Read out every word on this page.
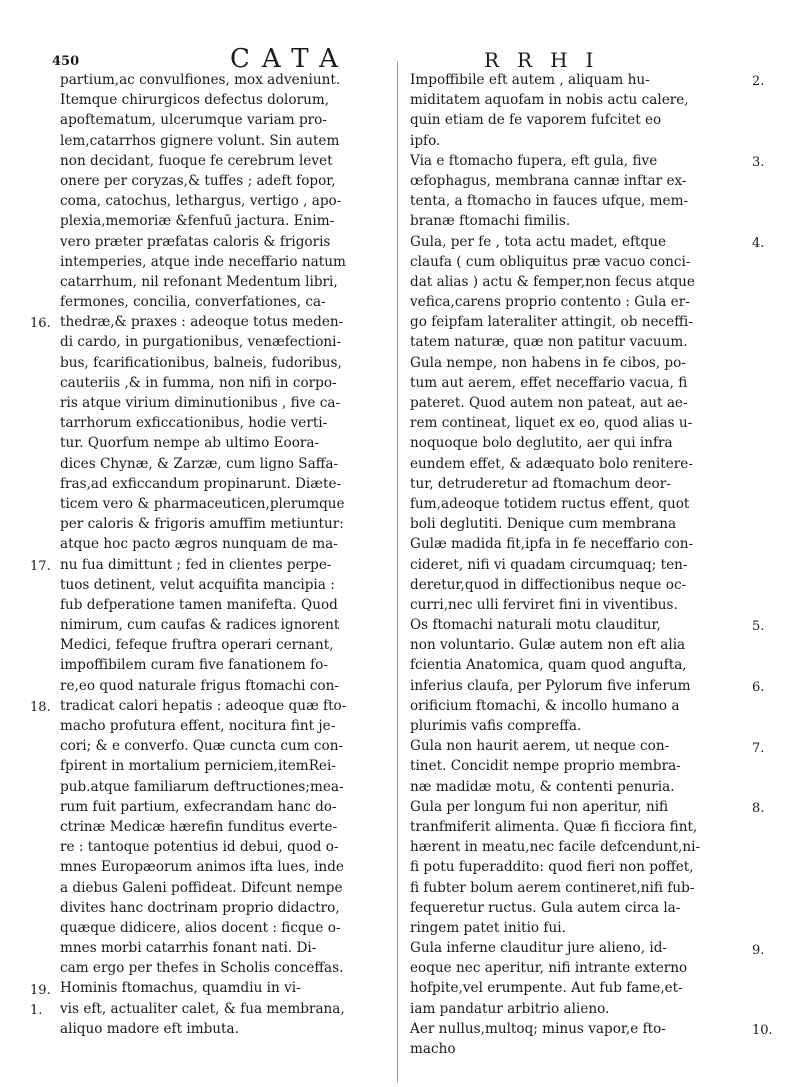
450	CATA	RRHI
partium,ac convulfiones, mox adveniunt.
Itemque chirurgicos defectus dolorum,
apoftematum, ulcerumque variam pro-
lem,catarrhos gignere volunt. Sin autem
non decidant, fuoque fe cerebrum levet
onere per coryzas,& tuffes ; adeft fopor,
coma, catochus, lethargus, vertigo , apo-
plexia,memoriæ &fenfuū jactura. Enim-
vero præter præfatas caloris & frigoris
intemperies, atque inde neceffario natum
catarrhum, nil refonant Medentum libri,
fermones, concilia, converfationes, ca-
thedræ,& praxes : adeoque totus meden-
di cardo, in purgationibus, venæfectioni-
bus, fcarificationibus, balneis, fudoribus,
cauteriis ,& in fumma, non nifi in corpo-
ris atque virium diminutionibus , five ca-
tarrhorum exficcationibus, hodie verti-
tur. Quorfum nempe ab ultimo Eoora-
dices Chynæ, & Zarzæ, cum ligno Saffa-
fras,ad exficcandum propinarunt. Diæte-
ticem vero & pharmaceuticen,plerumque
per caloris & frigoris amuffim metiuntur:
atque hoc pacto ægros nunquam de ma-
nu fua dimittunt ; fed in clientes perpe-
tuos detinent, velut acquifita mancipia :
fub defperatione tamen manifefta. Quod
nimirum, cum caufas & radices ignorent
Medici, fefeque fruftra operari cernant,
impoffibilem curam five fanationem fo-
re,eo quod naturale frigus ftomachi con-
tradicat calori hepatis : adeoque quæ fto-
macho profutura effent, nocitura fint je-
cori; & e converfo. Quæ cuncta cum con-
fpirent in mortalium perniciem,itemRei-
pub.atque familiarum deftructiones;mea-
rum fuit partium, exfecrandam hanc do-
ctrinæ Medicæ hærefin funditus everte-
re : tantoque potentius id debui, quod o-
mnes Europæorum animos ifta lues, inde
a diebus Galeni poffideat. Difcunt nempe
divites hanc doctrinam proprio didactro,
quæque didicere, alios docent : ficque o-
mnes morbi catarrhis fonant nati. Di-
cam ergo per thefes in Scholis conceffas.
Hominis ftomachus, quamdiu in vi-
vis eft, actualiter calet, & fua membrana,
aliquo madore eft imbuta.
Impoffibile eft autem , aliquam hu-
miditatem aquofam in nobis actu calere,
quin etiam de fe vaporem fufcitet eo
ipfo.
Via e ftomacho fupera, eft gula, five
œfophagus, membrana cannæ inftar ex-
tenta, a ftomacho in fauces ufque, mem-
branæ ftomachi fimilis.
Gula, per fe , tota actu madet, eftque
claufa ( cum obliquitus præ vacuo conci-
dat alias ) actu & femper,non fecus atque
vefica,carens proprio contento : Gula er-
go feipfam lateraliter attingit, ob neceffi-
tatem naturæ, quæ non patitur vacuum.
Gula nempe, non habens in fe cibos, po-
tum aut aerem, effet neceffario vacua, fi
pateret. Quod autem non pateat, aut ae-
rem contineat, liquet ex eo, quod alias u-
noquoque bolo deglutito, aer qui infra
eundem effet, & adæquato bolo renitere-
tur, detruderetur ad ftomachum deor-
fum,adeoque totidem ructus effent, quot
boli deglutiti. Denique cum membrana
Gulæ madida fit,ipfa in fe neceffario con-
cideret, nifi vi quadam circumquaq; ten-
deretur,quod in diffectionibus neque oc-
curri,nec ulli ferviret fini in viventibus.
Os ftomachi naturali motu clauditur,
non voluntario. Gulæ autem non eft alia
fcientia Anatomica, quam quod angufta,
inferius claufa, per Pylorum five inferum
orificium ftomachi, & incollo humano a
plurimis vafis compreffa.
Gula non haurit aerem, ut neque con-
tinet. Concidit nempe proprio membra-
næ madidæ motu, & contenti penuria.
Gula per longum fui non aperitur, nifi
tranfmiferit alimenta. Quæ fi ficciora fint,
hærent in meatu,nec facile defcendunt,ni-
fi potu fuperaddito: quod fieri non poffet,
fi fubter bolum aerem contineret,nifi fub-
fequeretur ructus. Gula autem circa la-
ringem patet initio fui.
Gula inferne clauditur jure alieno, id-
eoque nec aperitur, nifi intrante externo
hofpite,vel erumpente. Aut fub fame,et-
iam pandatur arbitrio alieno.
Aer nullus,multoq; minus vapor,e fto-
macho
16.
17.
18.
19.
1.
2.
3.
4.
5.
6.
7.
8.
9.
10.
